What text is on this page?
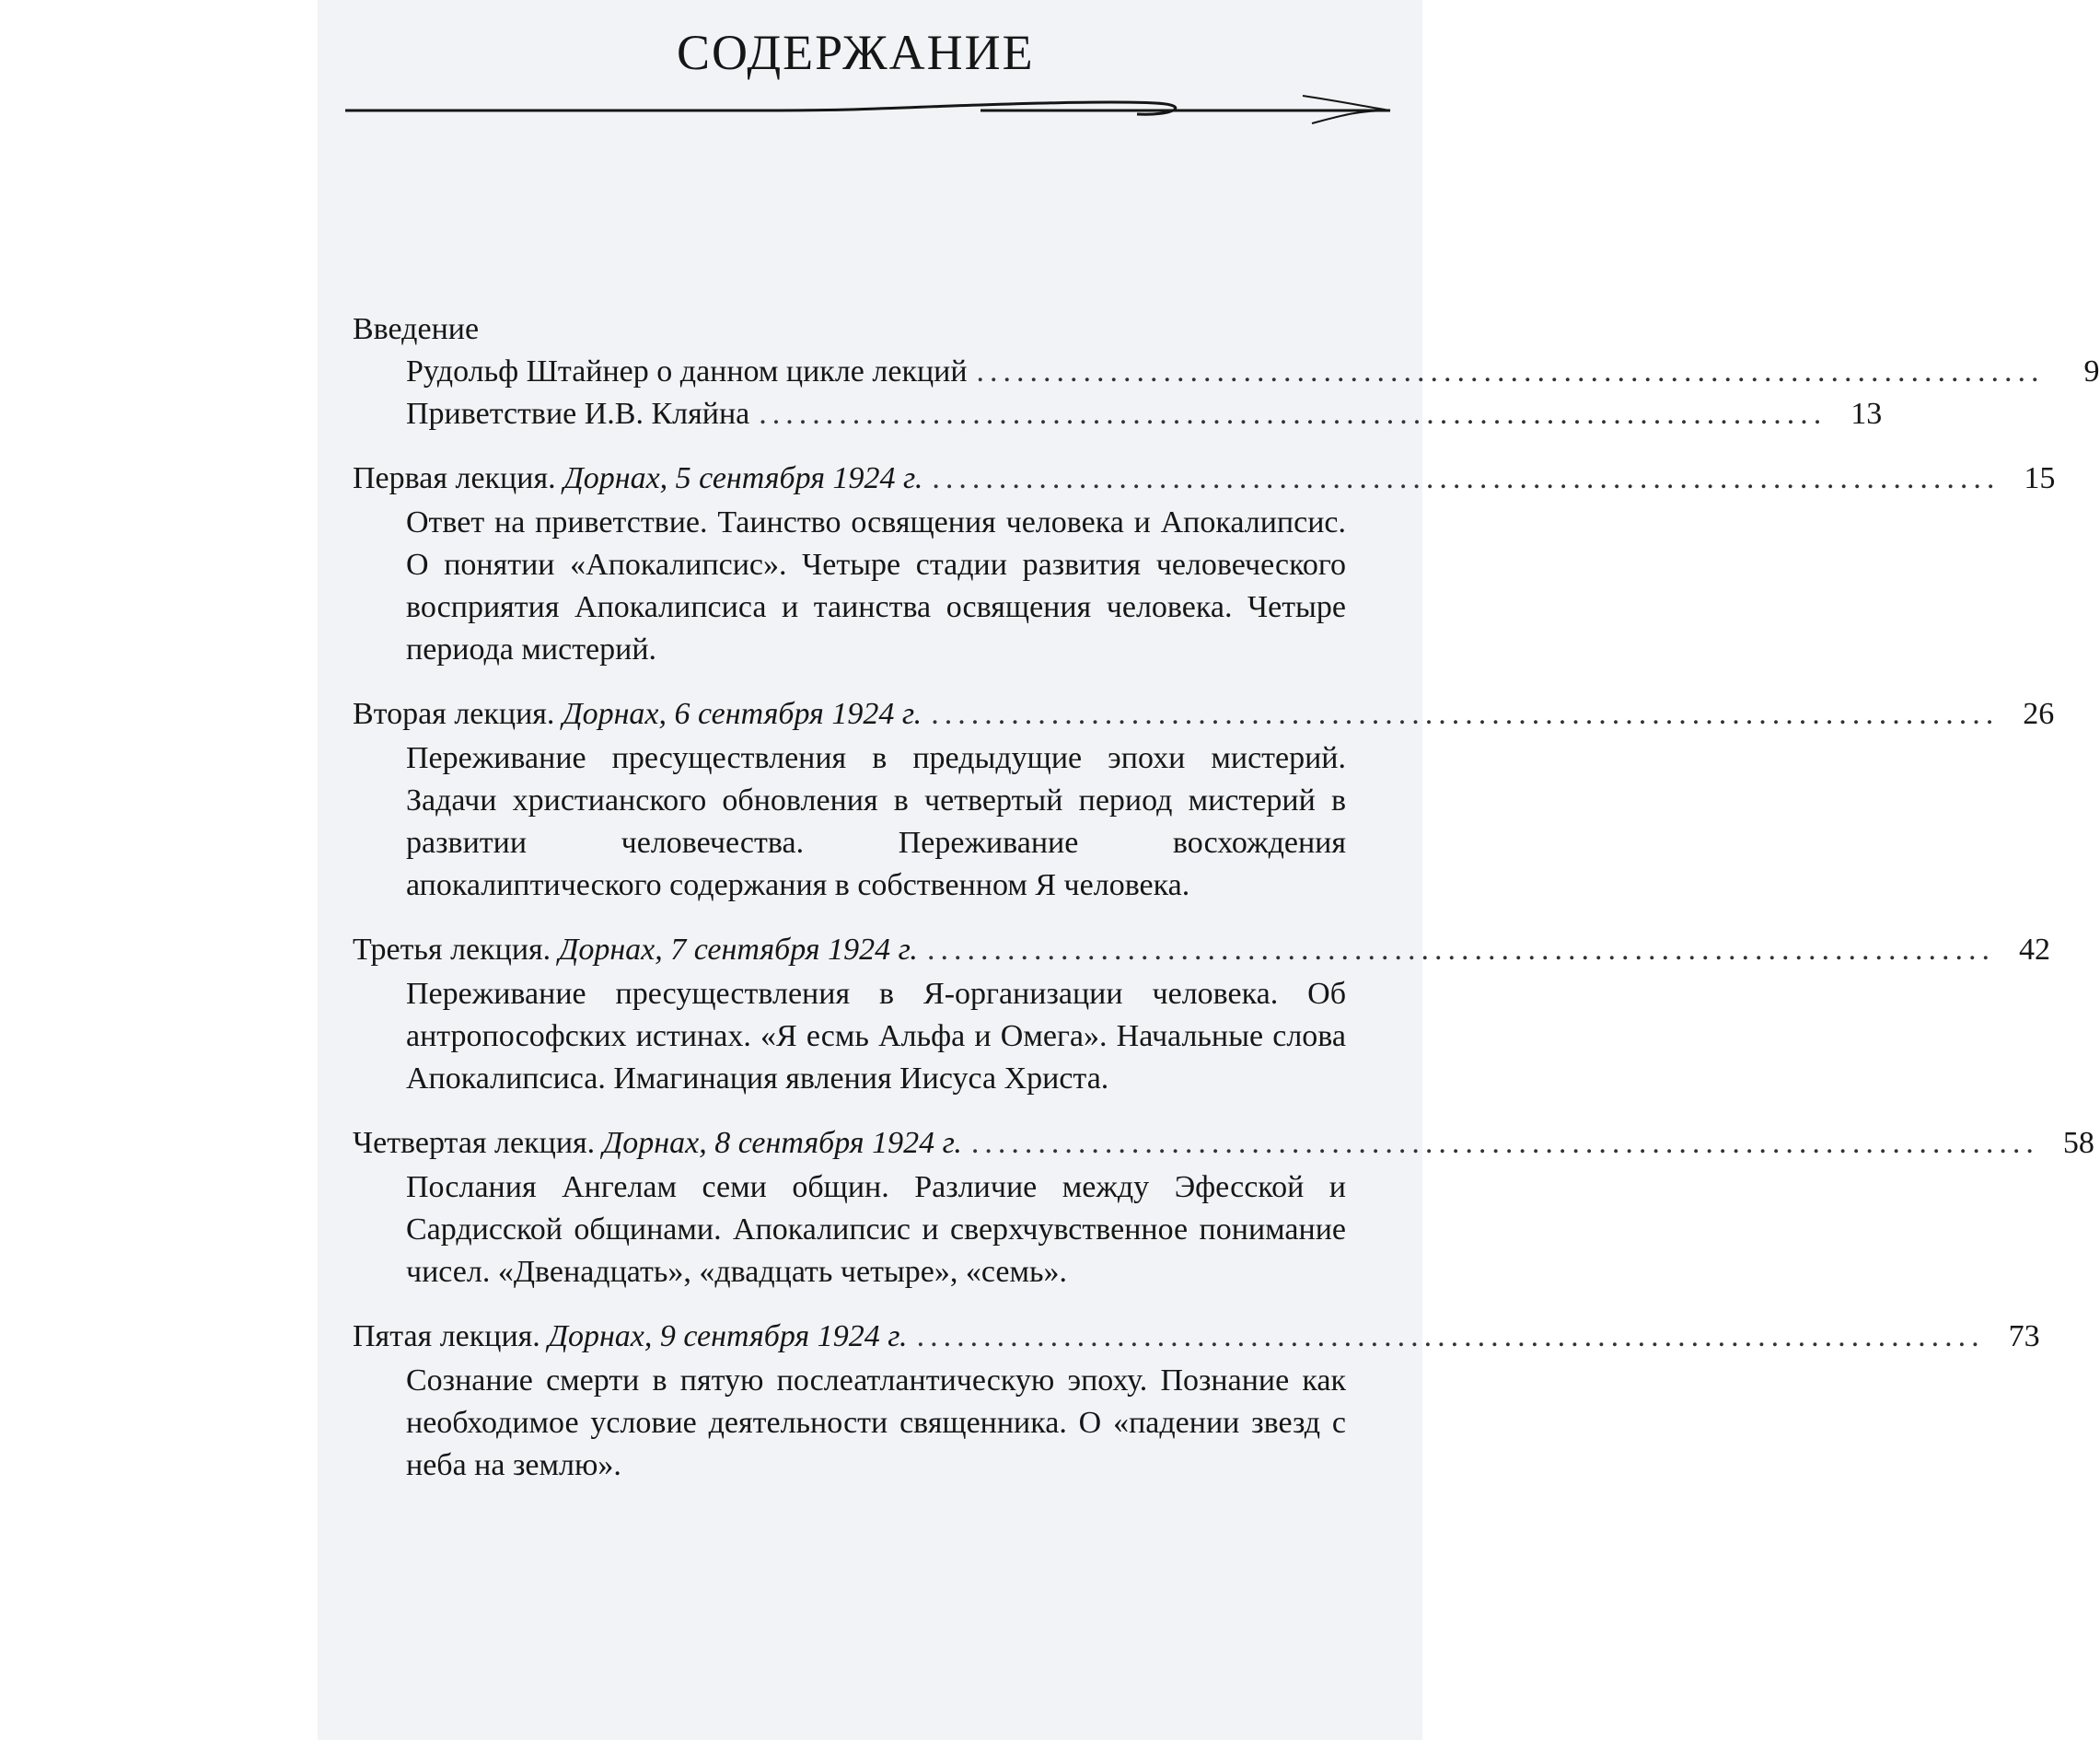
СОДЕРЖАНИЕ
Введение
Рудольф Штайнер о данном цикле лекций ................................................................................	9
Приветствие И.В. Кляйна ................................................................................ 13
Первая лекция. Дорнах, 5 сентября 1924 г. ................................................................................ 15
Ответ на приветствие. Таинство освящения человека и Апокалипсис. О понятии «Апокалипсис». Четыре стадии развития человеческого восприятия Апокалипсиса и таинства освящения человека. Четыре периода мистерий.
Вторая лекция. Дорнах, 6 сентября 1924 г. ................................................................................ 26
Переживание пресуществления в предыдущие эпохи мистерий. Задачи христианского обновления в четвертый период мистерий в развитии человечества. Переживание восхождения апокалиптического содержания в собственном Я человека.
Третья лекция. Дорнах, 7 сентября 1924 г. ................................................................................ 42
Переживание пресуществления в Я-организации человека. Об антропософских истинах. «Я есмь Альфа и Омега». Начальные слова Апокалипсиса. Имагинация явления Иисуса Христа.
Четвертая лекция. Дорнах, 8 сентября 1924 г. ................................................................................ 58
Послания Ангелам семи общин. Различие между Эфесской и Сардисской общинами. Апокалипсис и сверхчувственное понимание чисел. «Двенадцать», «двадцать четыре», «семь».
Пятая лекция. Дорнах, 9 сентября 1924 г. ................................................................................ 73
Сознание смерти в пятую послеатлантическую эпоху. Познание как необходимое условие деятельности священника. О «падении звезд с неба на землю».
